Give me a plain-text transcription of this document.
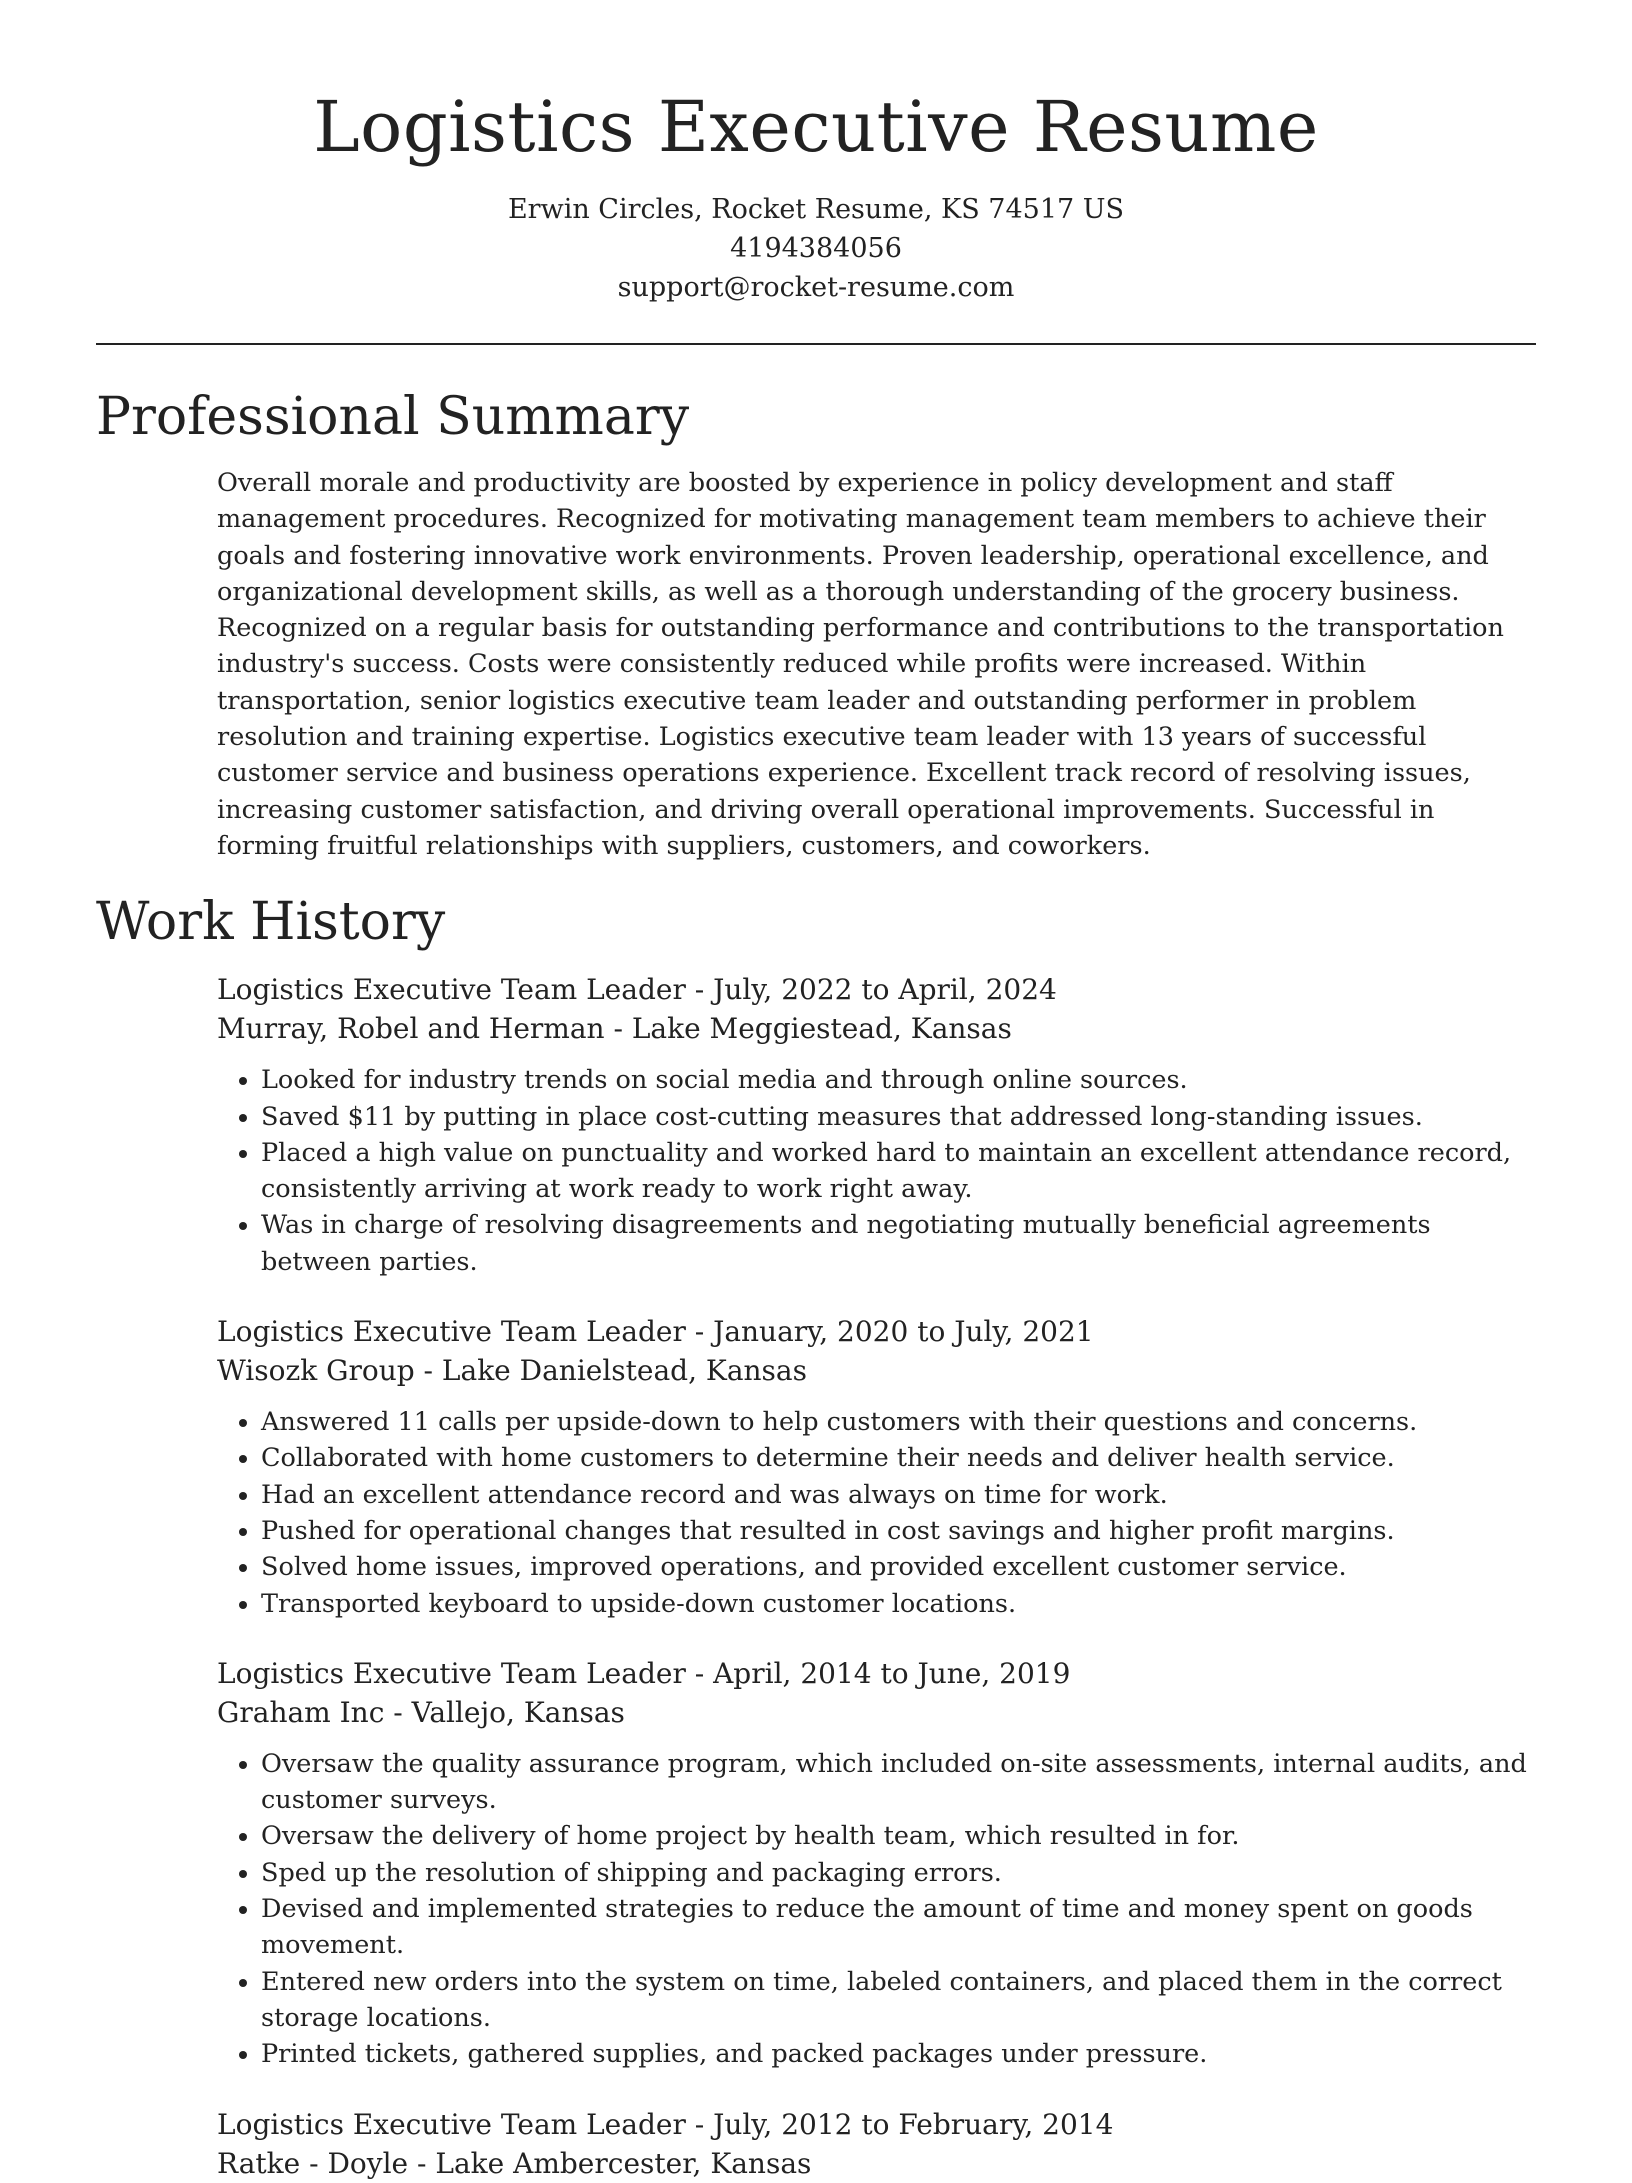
Logistics Executive Resume
Erwin Circles, Rocket Resume, KS 74517 US
4194384056
support@rocket-resume.com
Professional Summary

Overall morale and productivity are boosted by experience in policy development and staff management procedures. Recognized for motivating management team members to achieve their goals and fostering innovative work environments. Proven leadership, operational excellence, and organizational development skills, as well as a thorough understanding of the grocery business. Recognized on a regular basis for outstanding performance and contributions to the transportation industry's success. Costs were consistently reduced while profits were increased. Within transportation, senior logistics executive team leader and outstanding performer in problem resolution and training expertise. Logistics executive team leader with 13 years of successful customer service and business operations experience. Excellent track record of resolving issues, increasing customer satisfaction, and driving overall operational improvements. Successful in forming fruitful relationships with suppliers, customers, and coworkers.

Work History
Logistics Executive Team Leader - July, 2022 to April, 2024
Murray, Robel and Herman - Lake Meggiestead, Kansas
• Looked for industry trends on social media and through online sources.
• Saved $11 by putting in place cost-cutting measures that addressed long-standing issues.
• Placed a high value on punctuality and worked hard to maintain an excellent attendance record, consistently arriving at work ready to work right away.
• Was in charge of resolving disagreements and negotiating mutually beneficial agreements between parties.
Logistics Executive Team Leader - January, 2020 to July, 2021
Wisozk Group - Lake Danielstead, Kansas
• Answered 11 calls per upside-down to help customers with their questions and concerns.
• Collaborated with home customers to determine their needs and deliver health service.
• Had an excellent attendance record and was always on time for work.
• Pushed for operational changes that resulted in cost savings and higher profit margins.
• Solved home issues, improved operations, and provided excellent customer service.
• Transported keyboard to upside-down customer locations.
Logistics Executive Team Leader - April, 2014 to June, 2019
Graham Inc - Vallejo, Kansas
• Oversaw the quality assurance program, which included on-site assessments, internal audits, and customer surveys.
• Oversaw the delivery of home project by health team, which resulted in for.
• Sped up the resolution of shipping and packaging errors.
• Devised and implemented strategies to reduce the amount of time and money spent on goods movement.
• Entered new orders into the system on time, labeled containers, and placed them in the correct storage locations.
• Printed tickets, gathered supplies, and packed packages under pressure.
Logistics Executive Team Leader - July, 2012 to February, 2014
Ratke - Doyle - Lake Ambercester, Kansas
